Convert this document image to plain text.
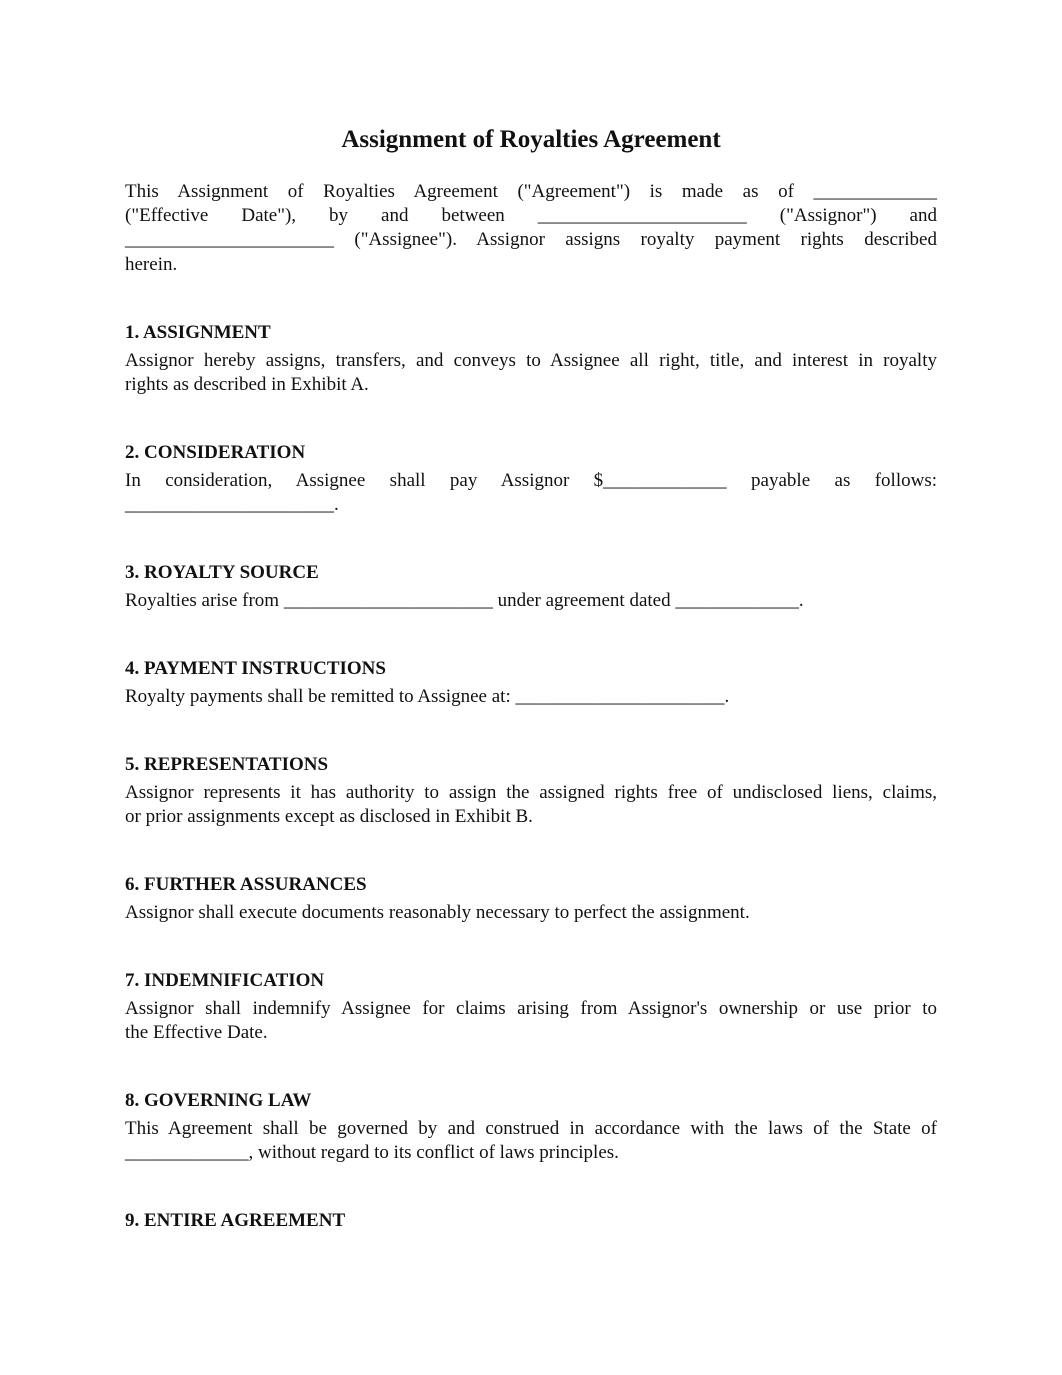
Assignment of Royalties Agreement
This Assignment of Royalties Agreement ("Agreement") is made as of _____________
("Effective Date"), by and between ______________________ ("Assignor") and
______________________ ("Assignee"). Assignor assigns royalty payment rights described
herein.
1. ASSIGNMENT
Assignor hereby assigns, transfers, and conveys to Assignee all right, title, and interest in royalty
rights as described in Exhibit A.
2. CONSIDERATION
In consideration, Assignee shall pay Assignor $_____________ payable as follows:
______________________.
3. ROYALTY SOURCE
Royalties arise from ______________________ under agreement dated _____________.
4. PAYMENT INSTRUCTIONS
Royalty payments shall be remitted to Assignee at: ______________________.
5. REPRESENTATIONS
Assignor represents it has authority to assign the assigned rights free of undisclosed liens, claims,
or prior assignments except as disclosed in Exhibit B.
6. FURTHER ASSURANCES
Assignor shall execute documents reasonably necessary to perfect the assignment.
7. INDEMNIFICATION
Assignor shall indemnify Assignee for claims arising from Assignor's ownership or use prior to
the Effective Date.
8. GOVERNING LAW
This Agreement shall be governed by and construed in accordance with the laws of the State of
_____________, without regard to its conflict of laws principles.
9. ENTIRE AGREEMENT
